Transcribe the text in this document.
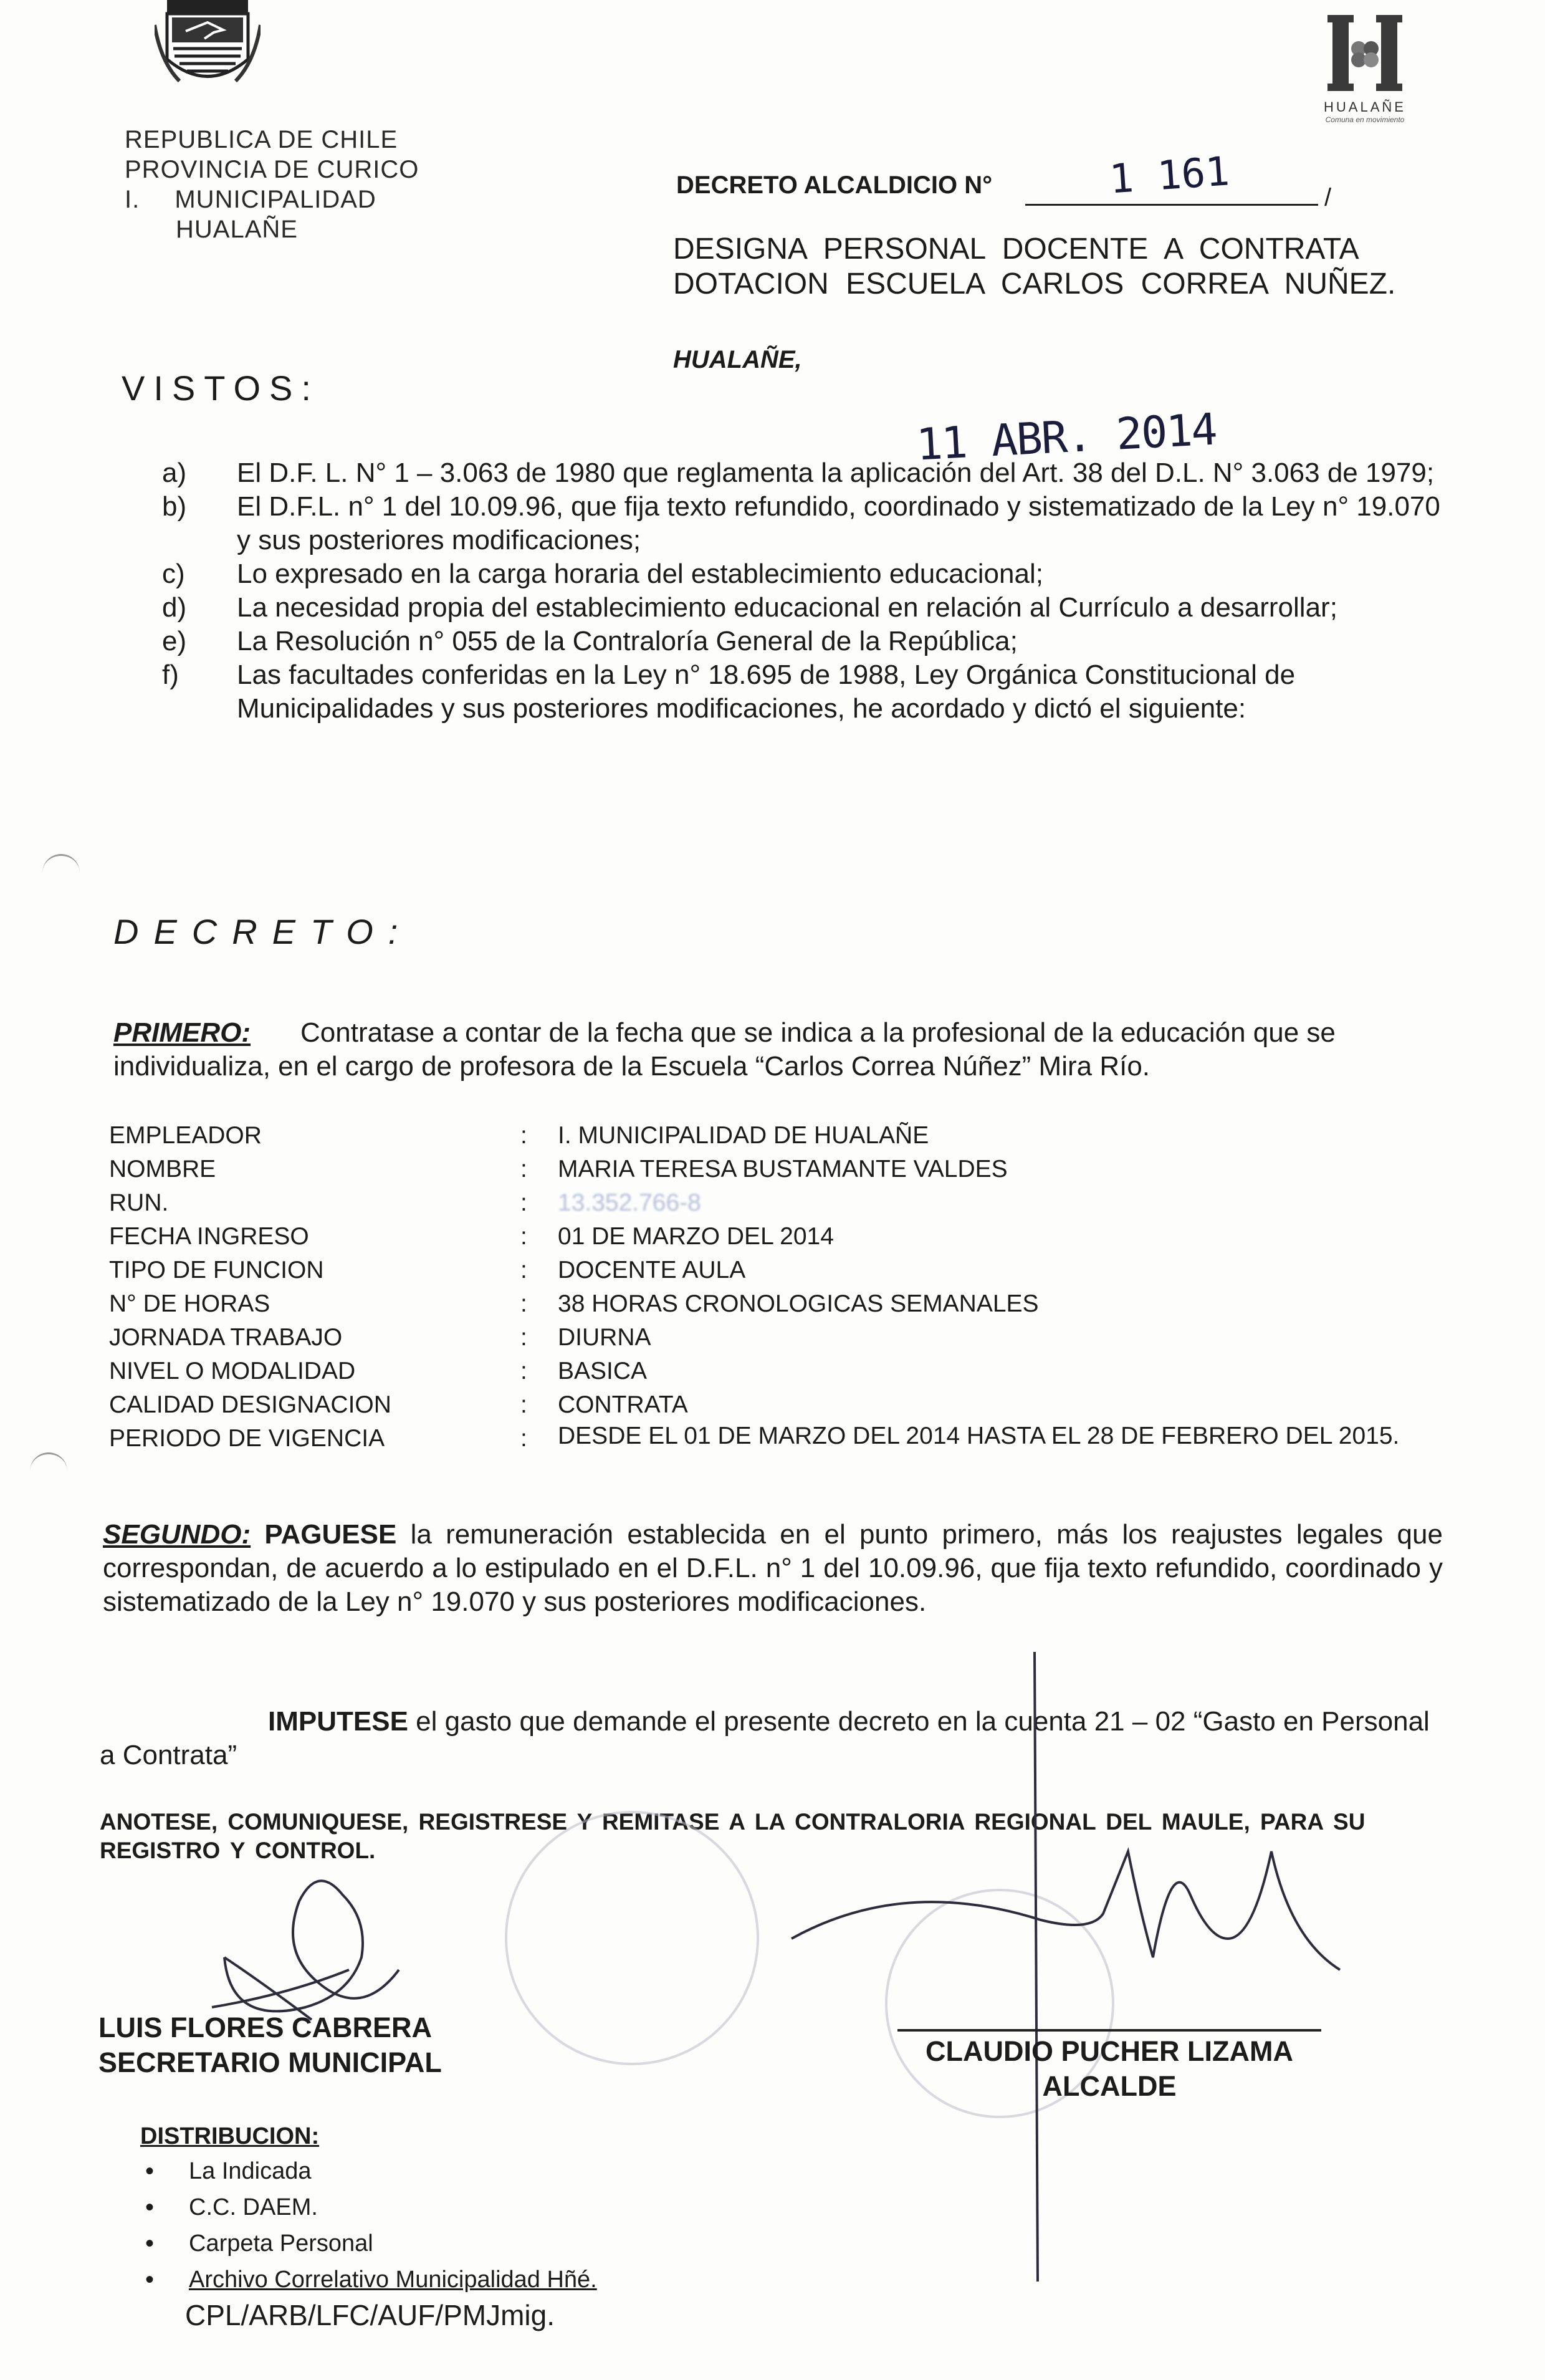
REPUBLICA DE CHILE
PROVINCIA DE CURICO
I. MUNICIPALIDAD
HUALAÑE
HUALAÑE
Comuna en movimiento
DECRETO ALCALDICIO N°	1 161	/
DESIGNA PERSONAL DOCENTE A CONTRATA DOTACION ESCUELA CARLOS CORREA NUÑEZ.
HUALAÑE,
VISTOS:
11 ABR. 2014
a)	El D.F. L. N° 1 – 3.063 de 1980 que reglamenta la aplicación del Art. 38 del D.L. N° 3.063 de 1979;
b)	El D.F.L. n° 1 del 10.09.96, que fija texto refundido, coordinado y sistematizado de la Ley n° 19.070 y sus posteriores modificaciones;
c)	Lo expresado en la carga horaria del establecimiento educacional;
d)	La necesidad propia del establecimiento educacional en relación al Currículo a desarrollar;
e)	La Resolución n° 055 de la Contraloría General de la República;
f)	Las facultades conferidas en la Ley n° 18.695 de 1988, Ley Orgánica Constitucional de Municipalidades y sus posteriores modificaciones, he acordado y dictó el siguiente:
DECRETO:
PRIMERO: Contratase a contar de la fecha que se indica a la profesional de la educación que se individualiza, en el cargo de profesora de la Escuela “Carlos Correa Núñez” Mira Río.
EMPLEADOR	:	I. MUNICIPALIDAD DE HUALAÑE
NOMBRE	:	MARIA TERESA BUSTAMANTE VALDES
RUN.	:	13.352.766-8
FECHA INGRESO	:	01 DE MARZO DEL 2014
TIPO DE FUNCION	:	DOCENTE AULA
N° DE HORAS	:	38 HORAS CRONOLOGICAS SEMANALES
JORNADA TRABAJO	:	DIURNA
NIVEL O MODALIDAD	:	BASICA
CALIDAD DESIGNACION	:	CONTRATA
PERIODO DE VIGENCIA	:	DESDE EL 01 DE MARZO DEL 2014 HASTA EL 28 DE FEBRERO DEL 2015.
SEGUNDO: PAGUESE la remuneración establecida en el punto primero, más los reajustes legales que correspondan, de acuerdo a lo estipulado en el D.F.L. n° 1 del 10.09.96, que fija texto refundido, coordinado y sistematizado de la Ley n° 19.070 y sus posteriores modificaciones.
IMPUTESE el gasto que demande el presente decreto en la cuenta 21 – 02 “Gasto en Personal a Contrata”
ANOTESE, COMUNIQUESE, REGISTRESE Y REMITASE A LA CONTRALORIA REGIONAL DEL MAULE, PARA SU REGISTRO Y CONTROL.
LUIS FLORES CABRERA
SECRETARIO MUNICIPAL	CLAUDIO PUCHER LIZAMA
ALCALDE
DISTRIBUCION:
• La Indicada
• C.C. DAEM.
• Carpeta Personal
• Archivo Correlativo Municipalidad Hñé.
CPL/ARB/LFC/AUF/PMJmig.
